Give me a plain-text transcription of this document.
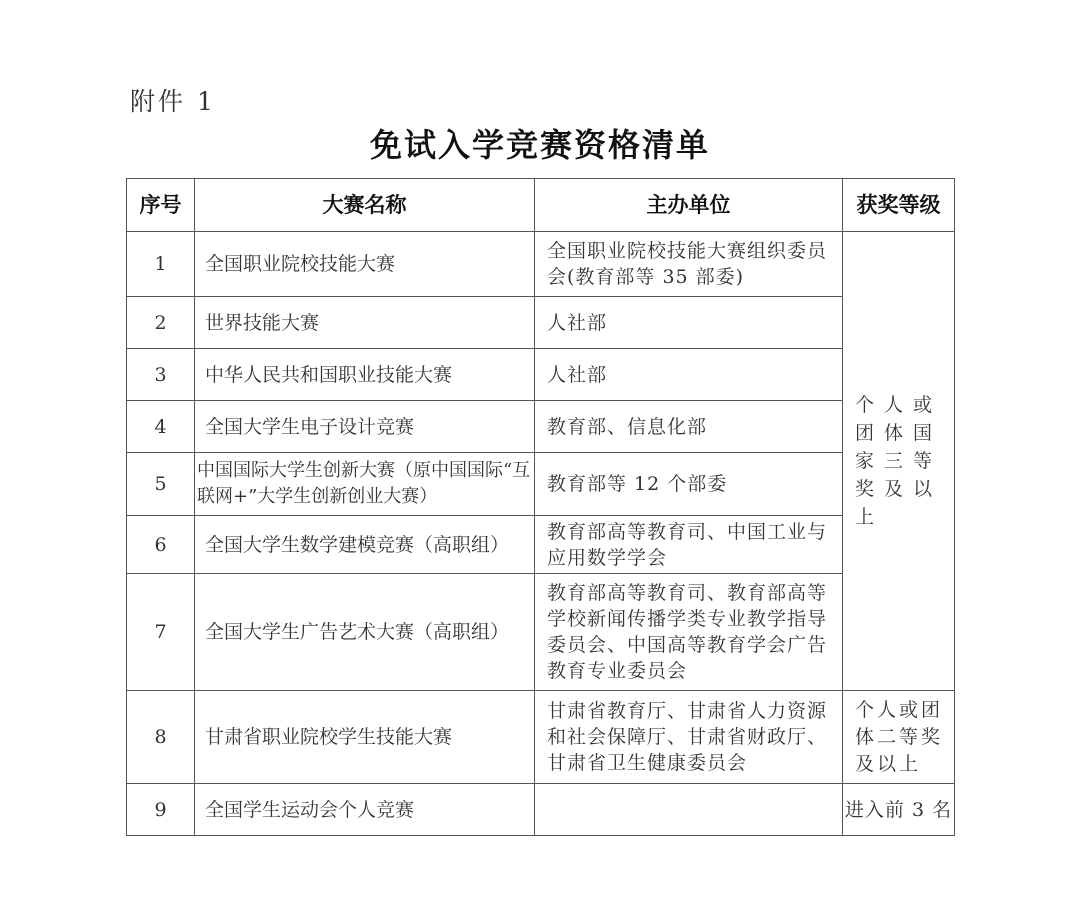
附件 1
免试入学竞赛资格清单
序号	大赛名称	主办单位	获奖等级
1	全国职业院校技能大赛	全国职业院校技能大赛组织委员会(教育部等 35 部委)	个人或团体国家三等奖及以上
2	世界技能大赛	人社部	
3	中华人民共和国职业技能大赛	人社部	
4	全国大学生电子设计竞赛	教育部、信息化部	
5	中国国际大学生创新大赛（原中国国际“互联网+”大学生创新创业大赛）	教育部等 12 个部委	
6	全国大学生数学建模竞赛（高职组）	教育部高等教育司、中国工业与应用数学学会	
7	全国大学生广告艺术大赛（高职组）	教育部高等教育司、教育部高等学校新闻传播学类专业教学指导委员会、中国高等教育学会广告教育专业委员会	
8	甘肃省职业院校学生技能大赛	甘肃省教育厅、甘肃省人力资源和社会保障厅、甘肃省财政厅、甘肃省卫生健康委员会	个人或团体二等奖及以上
9	全国学生运动会个人竞赛		进入前 3 名
